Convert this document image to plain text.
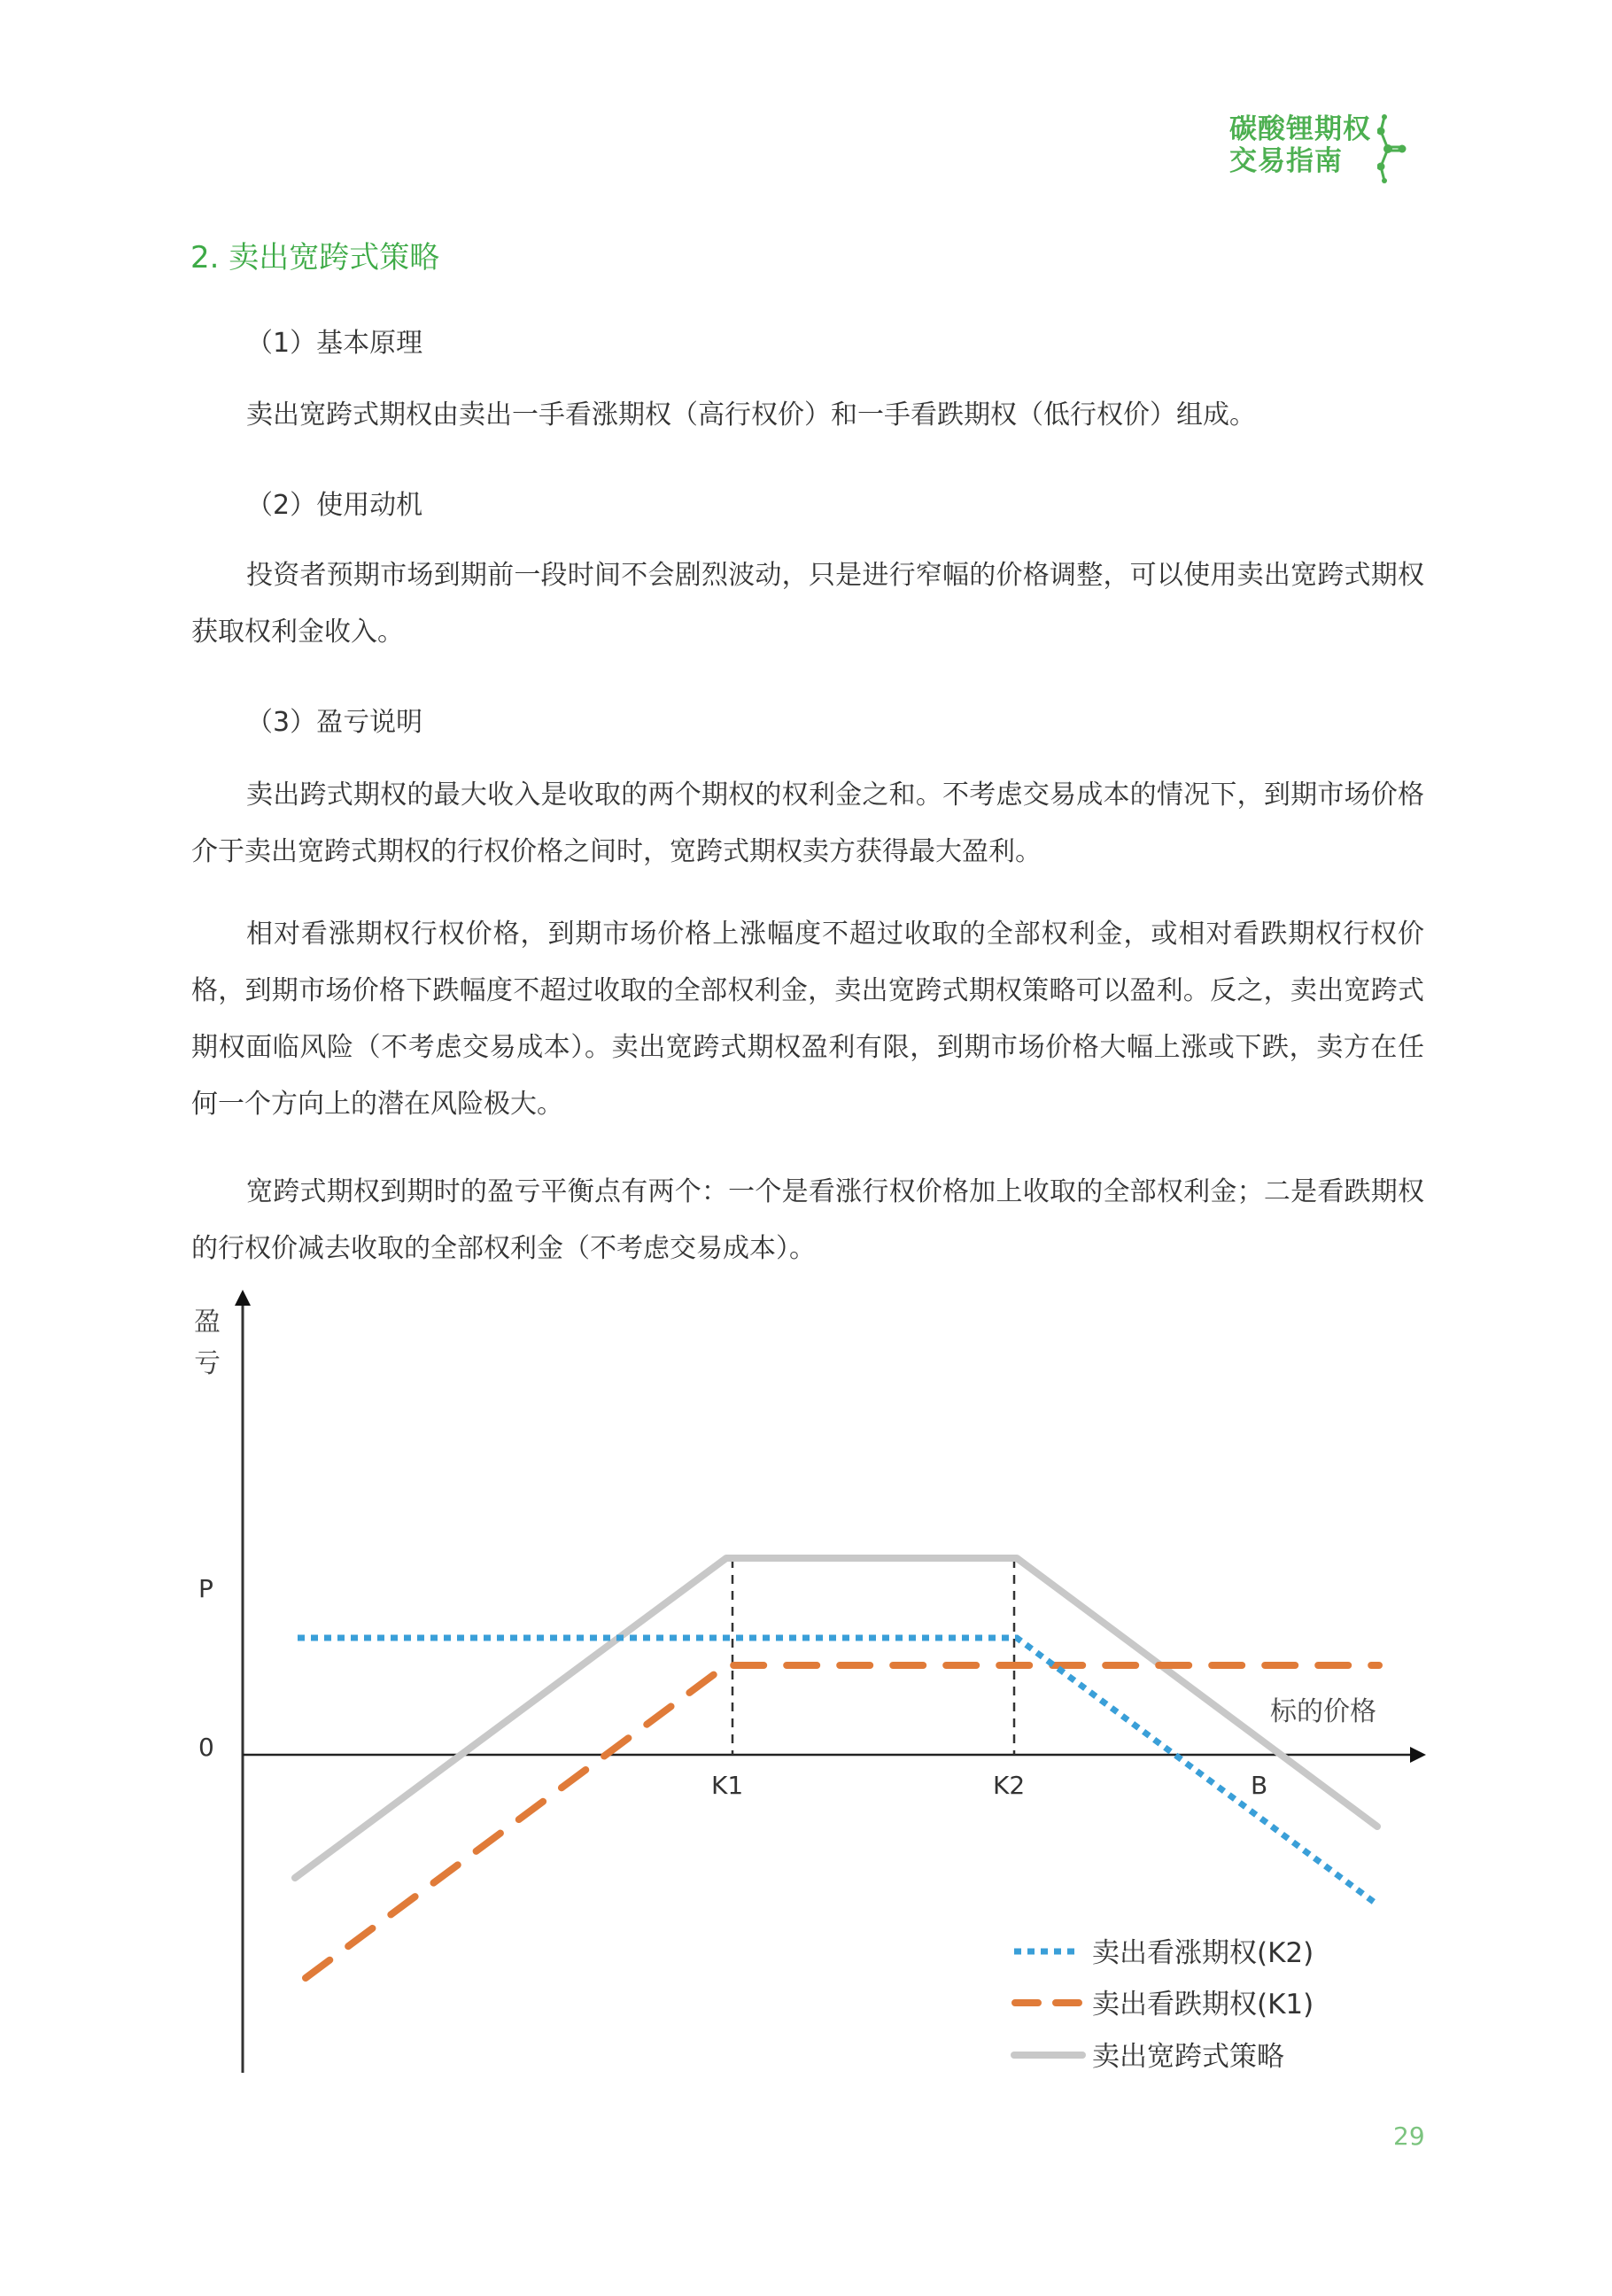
碳酸锂期权
交易指南
2. 卖出宽跨式策略
（1）基本原理
卖出宽跨式期权由卖出一手看涨期权（高行权价）和一手看跌期权（低行权价）组成。
（2）使用动机
投资者预期市场到期前一段时间不会剧烈波动，只是进行窄幅的价格调整，可以使用卖出宽跨式期权获取权利金收入。
（3）盈亏说明
卖出跨式期权的最大收入是收取的两个期权的权利金之和。不考虑交易成本的情况下，到期市场价格介于卖出宽跨式期权的行权价格之间时，宽跨式期权卖方获得最大盈利。
相对看涨期权行权价格，到期市场价格上涨幅度不超过收取的全部权利金，或相对看跌期权行权价格，到期市场价格下跌幅度不超过收取的全部权利金，卖出宽跨式期权策略可以盈利。反之，卖出宽跨式期权面临风险（不考虑交易成本）。卖出宽跨式期权盈利有限，到期市场价格大幅上涨或下跌，卖方在任何一个方向上的潜在风险极大。
宽跨式期权到期时的盈亏平衡点有两个：一个是看涨行权价格加上收取的全部权利金；二是看跌期权的行权价减去收取的全部权利金（不考虑交易成本）。
盈
亏
P
0
K1	K2	B
标的价格
卖出看涨期权(K2)
卖出看跌期权(K1)
卖出宽跨式策略
29
